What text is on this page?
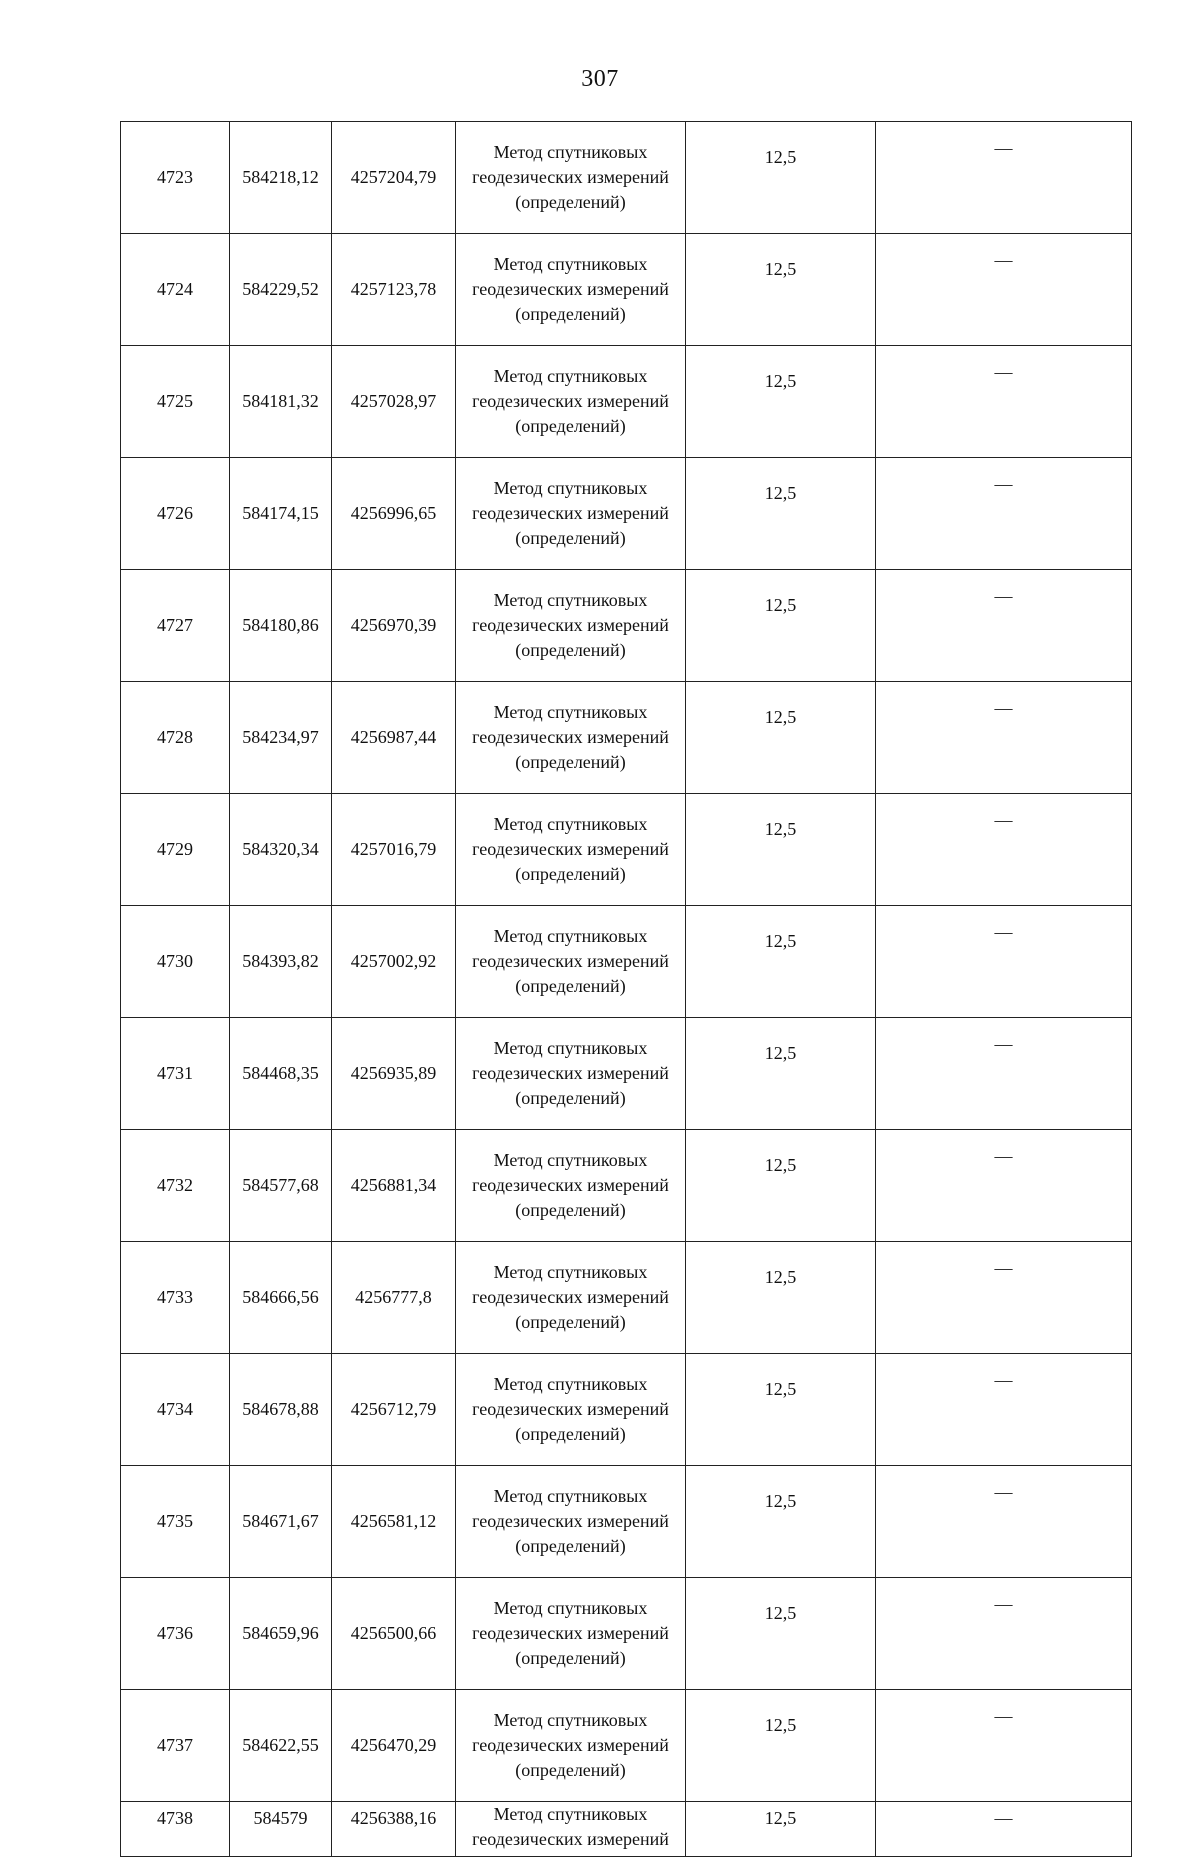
307
4723	584218,12	4257204,79	Метод спутниковых
геодезических измерений
(определений)	12,5	—
4724	584229,52	4257123,78	Метод спутниковых
геодезических измерений
(определений)	12,5	—
4725	584181,32	4257028,97	Метод спутниковых
геодезических измерений
(определений)	12,5	—
4726	584174,15	4256996,65	Метод спутниковых
геодезических измерений
(определений)	12,5	—
4727	584180,86	4256970,39	Метод спутниковых
геодезических измерений
(определений)	12,5	—
4728	584234,97	4256987,44	Метод спутниковых
геодезических измерений
(определений)	12,5	—
4729	584320,34	4257016,79	Метод спутниковых
геодезических измерений
(определений)	12,5	—
4730	584393,82	4257002,92	Метод спутниковых
геодезических измерений
(определений)	12,5	—
4731	584468,35	4256935,89	Метод спутниковых
геодезических измерений
(определений)	12,5	—
4732	584577,68	4256881,34	Метод спутниковых
геодезических измерений
(определений)	12,5	—
4733	584666,56	4256777,8	Метод спутниковых
геодезических измерений
(определений)	12,5	—
4734	584678,88	4256712,79	Метод спутниковых
геодезических измерений
(определений)	12,5	—
4735	584671,67	4256581,12	Метод спутниковых
геодезических измерений
(определений)	12,5	—
4736	584659,96	4256500,66	Метод спутниковых
геодезических измерений
(определений)	12,5	—
4737	584622,55	4256470,29	Метод спутниковых
геодезических измерений
(определений)	12,5	—
4738	584579	4256388,16	Метод спутниковых
геодезических измерений	12,5	—
